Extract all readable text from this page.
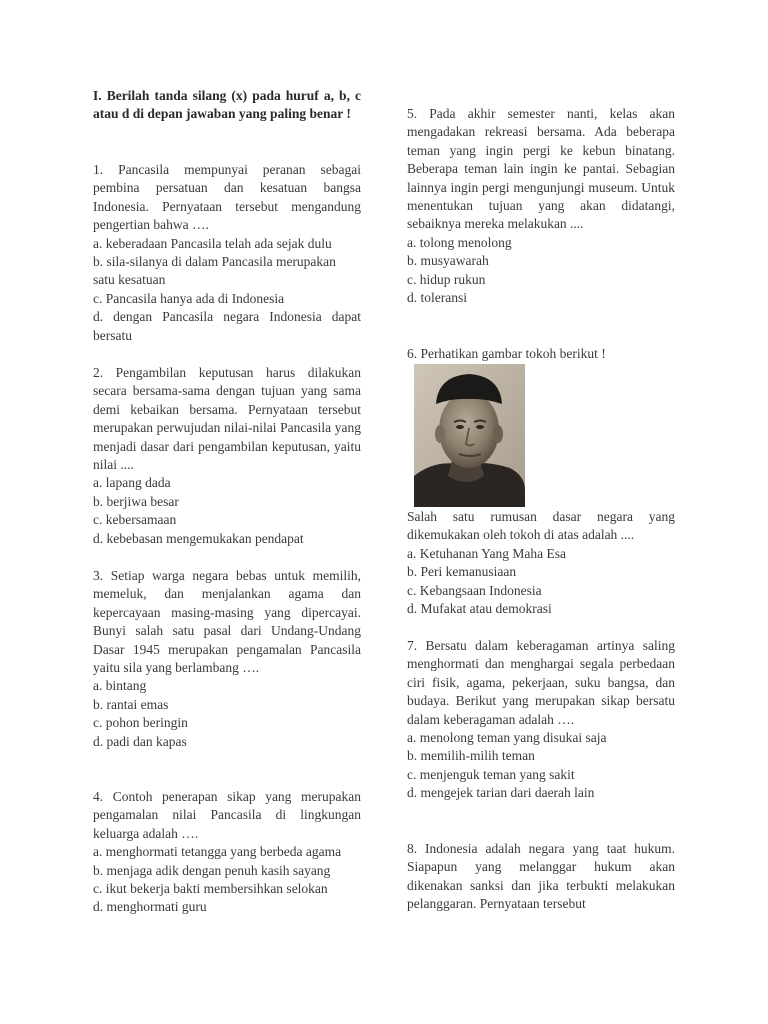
I. Berilah tanda silang (x) pada huruf a, b, c atau d di depan jawaban yang paling benar !
1. Pancasila mempunyai peranan sebagai pembina persatuan dan kesatuan bangsa Indonesia. Pernyataan tersebut mengandung pengertian bahwa ….
a. keberadaan Pancasila telah ada sejak dulu
b. sila-silanya di dalam Pancasila merupakan satu kesatuan
c. Pancasila hanya ada di Indonesia
d. dengan Pancasila negara Indonesia dapat bersatu
2. Pengambilan keputusan harus dilakukan secara bersama-sama dengan tujuan yang sama demi kebaikan bersama. Pernyataan tersebut merupakan perwujudan nilai-nilai Pancasila yang menjadi dasar dari pengambilan keputusan, yaitu nilai ....
a. lapang dada
b. berjiwa besar
c. kebersamaan
d. kebebasan mengemukakan pendapat
3. Setiap warga negara bebas untuk memilih, memeluk, dan menjalankan agama dan kepercayaan masing-masing yang dipercayai. Bunyi salah satu pasal dari Undang-Undang Dasar 1945 merupakan pengamalan Pancasila yaitu sila yang berlambang ….
a. bintang
b. rantai emas
c. pohon beringin
d. padi dan kapas
4. Contoh penerapan sikap yang merupakan pengamalan nilai Pancasila di lingkungan keluarga adalah ….
a. menghormati tetangga yang berbeda agama
b. menjaga adik dengan penuh kasih sayang
c. ikut bekerja bakti membersihkan selokan
d. menghormati guru
5. Pada akhir semester nanti, kelas akan mengadakan rekreasi bersama. Ada beberapa teman yang ingin pergi ke kebun binatang. Beberapa teman lain ingin ke pantai. Sebagian lainnya ingin pergi mengunjungi museum. Untuk menentukan tujuan yang akan didatangi, sebaiknya mereka melakukan ....
a. tolong menolong
b. musyawarah
c. hidup rukun
d. toleransi
6. Perhatikan gambar tokoh berikut !
Salah satu rumusan dasar negara yang dikemukakan oleh tokoh di atas adalah ....
a. Ketuhanan Yang Maha Esa
b. Peri kemanusiaan
c. Kebangsaan Indonesia
d. Mufakat atau demokrasi
7. Bersatu dalam keberagaman artinya saling menghormati dan menghargai segala perbedaan ciri fisik, agama, pekerjaan, suku bangsa, dan budaya. Berikut yang merupakan sikap bersatu dalam keberagaman adalah ….
a. menolong teman yang disukai saja
b. memilih-milih teman
c. menjenguk teman yang sakit
d. mengejek tarian dari daerah lain
8. Indonesia adalah negara yang taat hukum. Siapapun yang melanggar hukum akan dikenakan sanksi dan jika terbukti melakukan pelanggaran. Pernyataan tersebut
